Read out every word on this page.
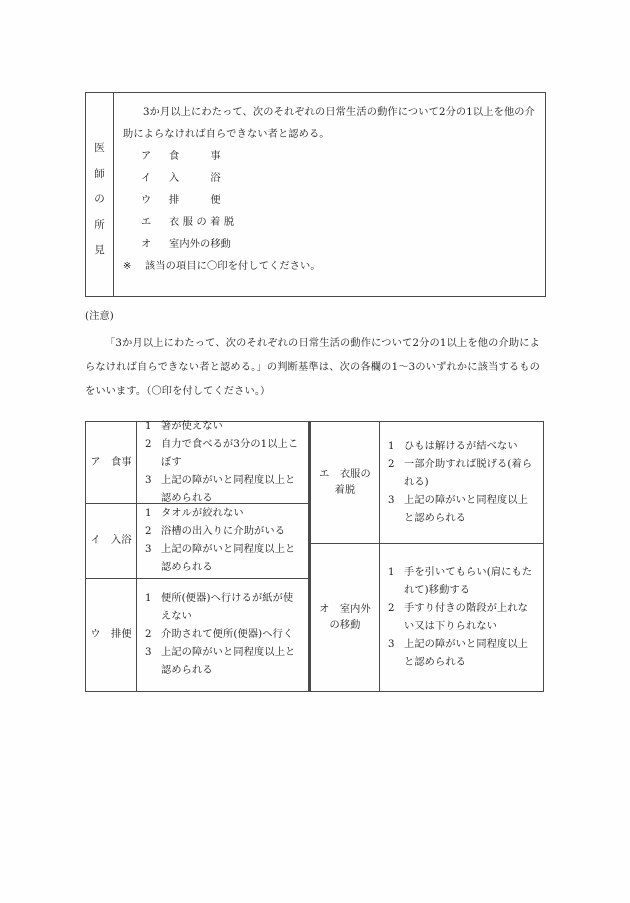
医
師
の
所
見

3か月以上にわたって、次のそれぞれの日常生活の動作について2分の1以上を他の介助によらなければ自らできない者と認める。

ア 食　　　事
イ 入　　　浴
ウ 排　　　便
エ 衣 服 の 着 脱
オ 室内外の移動
※ 該当の項目に〇印を付してください。
(注意)
「3か月以上にわたって、次のそれぞれの日常生活の動作について2分の1以上を他の介助によらなければ自らできない者と認める。」の判断基準は、次の各欄の1〜3のいずれかに該当するものをいいます。（〇印を付してください。）
ア　食事
1 箸が使えない
2 自力で食べるが3分の1以上こぼす
3 上記の障がいと同程度以上と認められる
イ　入浴
1 タオルが絞れない
2 浴槽の出入りに介助がいる
3 上記の障がいと同程度以上と認められる
ウ　排便
1 便所(便器)へ行けるが紙が使えない
2 介助されて便所(便器)へ行く
3 上記の障がいと同程度以上と認められる
エ　衣服の
着脱
1 ひもは解けるが結べない
2 一部介助すれば脱げる(着られる)
3 上記の障がいと同程度以上と認められる
オ　室内外
の移動
1 手を引いてもらい(肩にもたれて)移動する
2 手すり付きの階段が上れない又は下りられない
3 上記の障がいと同程度以上と認められる
